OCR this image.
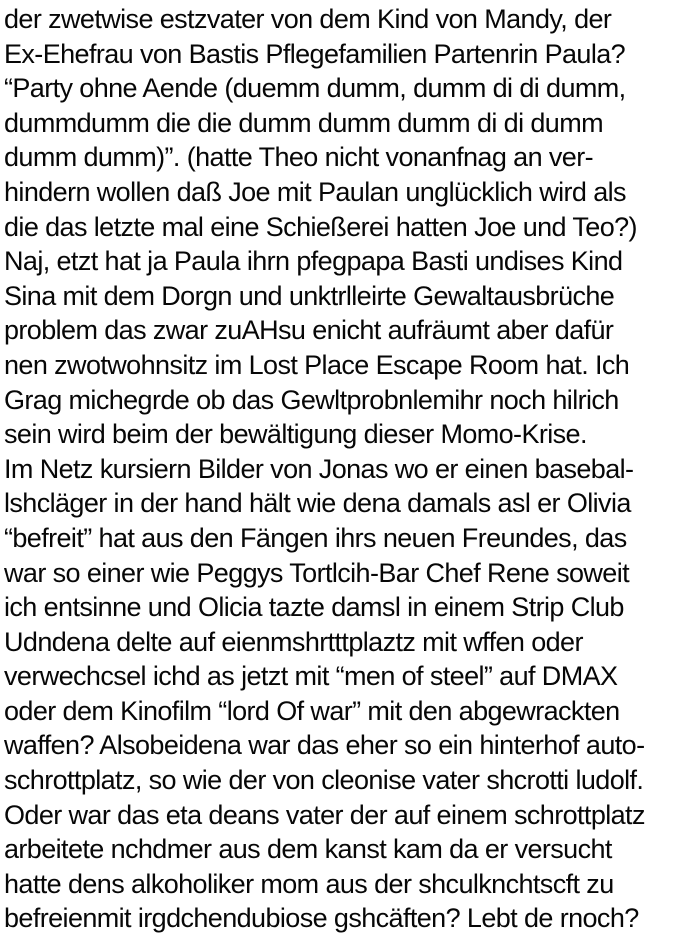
der zwetwise estzvater von dem Kind von Mandy, der
Ex-Ehefrau von Bastis Pflegefamilien Partenrin Paula?
“Party ohne Aende (duemm dumm, dumm di di dumm,
dummdumm die die dumm dumm dumm di di dumm
dumm dumm)”. (hatte Theo nicht vonanfnag an ver-
hindern wollen daß Joe mit Paulan unglücklich wird als
die das letzte mal eine Schießerei hatten Joe und Teo?)
Naj, etzt hat ja Paula ihrn pfegpapa Basti undises Kind
Sina mit dem Dorgn und unktrlleirte Gewaltausbrüche
problem das zwar zuAHsu enicht aufräumt aber dafür
nen zwotwohnsitz im Lost Place Escape Room hat. Ich
Grag michegrde ob das Gewltprobnlemihr noch hilrich
sein wird beim der bewältigung dieser Momo-Krise.
Im Netz kursiern Bilder von Jonas wo er einen basebal-
lshcläger in der hand hält wie dena damals asl er Olivia
“befreit” hat aus den Fängen ihrs neuen Freundes, das
war so einer wie Peggys Tortlcih-Bar Chef Rene soweit
ich entsinne und Olicia tazte damsl in einem Strip Club
Udndena delte auf eienmshrtttplaztz mit wffen oder
verwechcsel ichd as jetzt mit “men of steel” auf DMAX
oder dem Kinofilm “lord Of war” mit den abgewrackten
waffen? Alsobeidena war das eher so ein hinterhof auto-
schrottplatz, so wie der von cleonise vater shcrotti ludolf.
Oder war das eta deans vater der auf einem schrottplatz
arbeitete nchdmer aus dem kanst kam da er versucht
hatte dens alkoholiker mom aus der shculknchtscft zu
befreienmit irgdchendubiose gshcäften? Lebt de rnoch?
